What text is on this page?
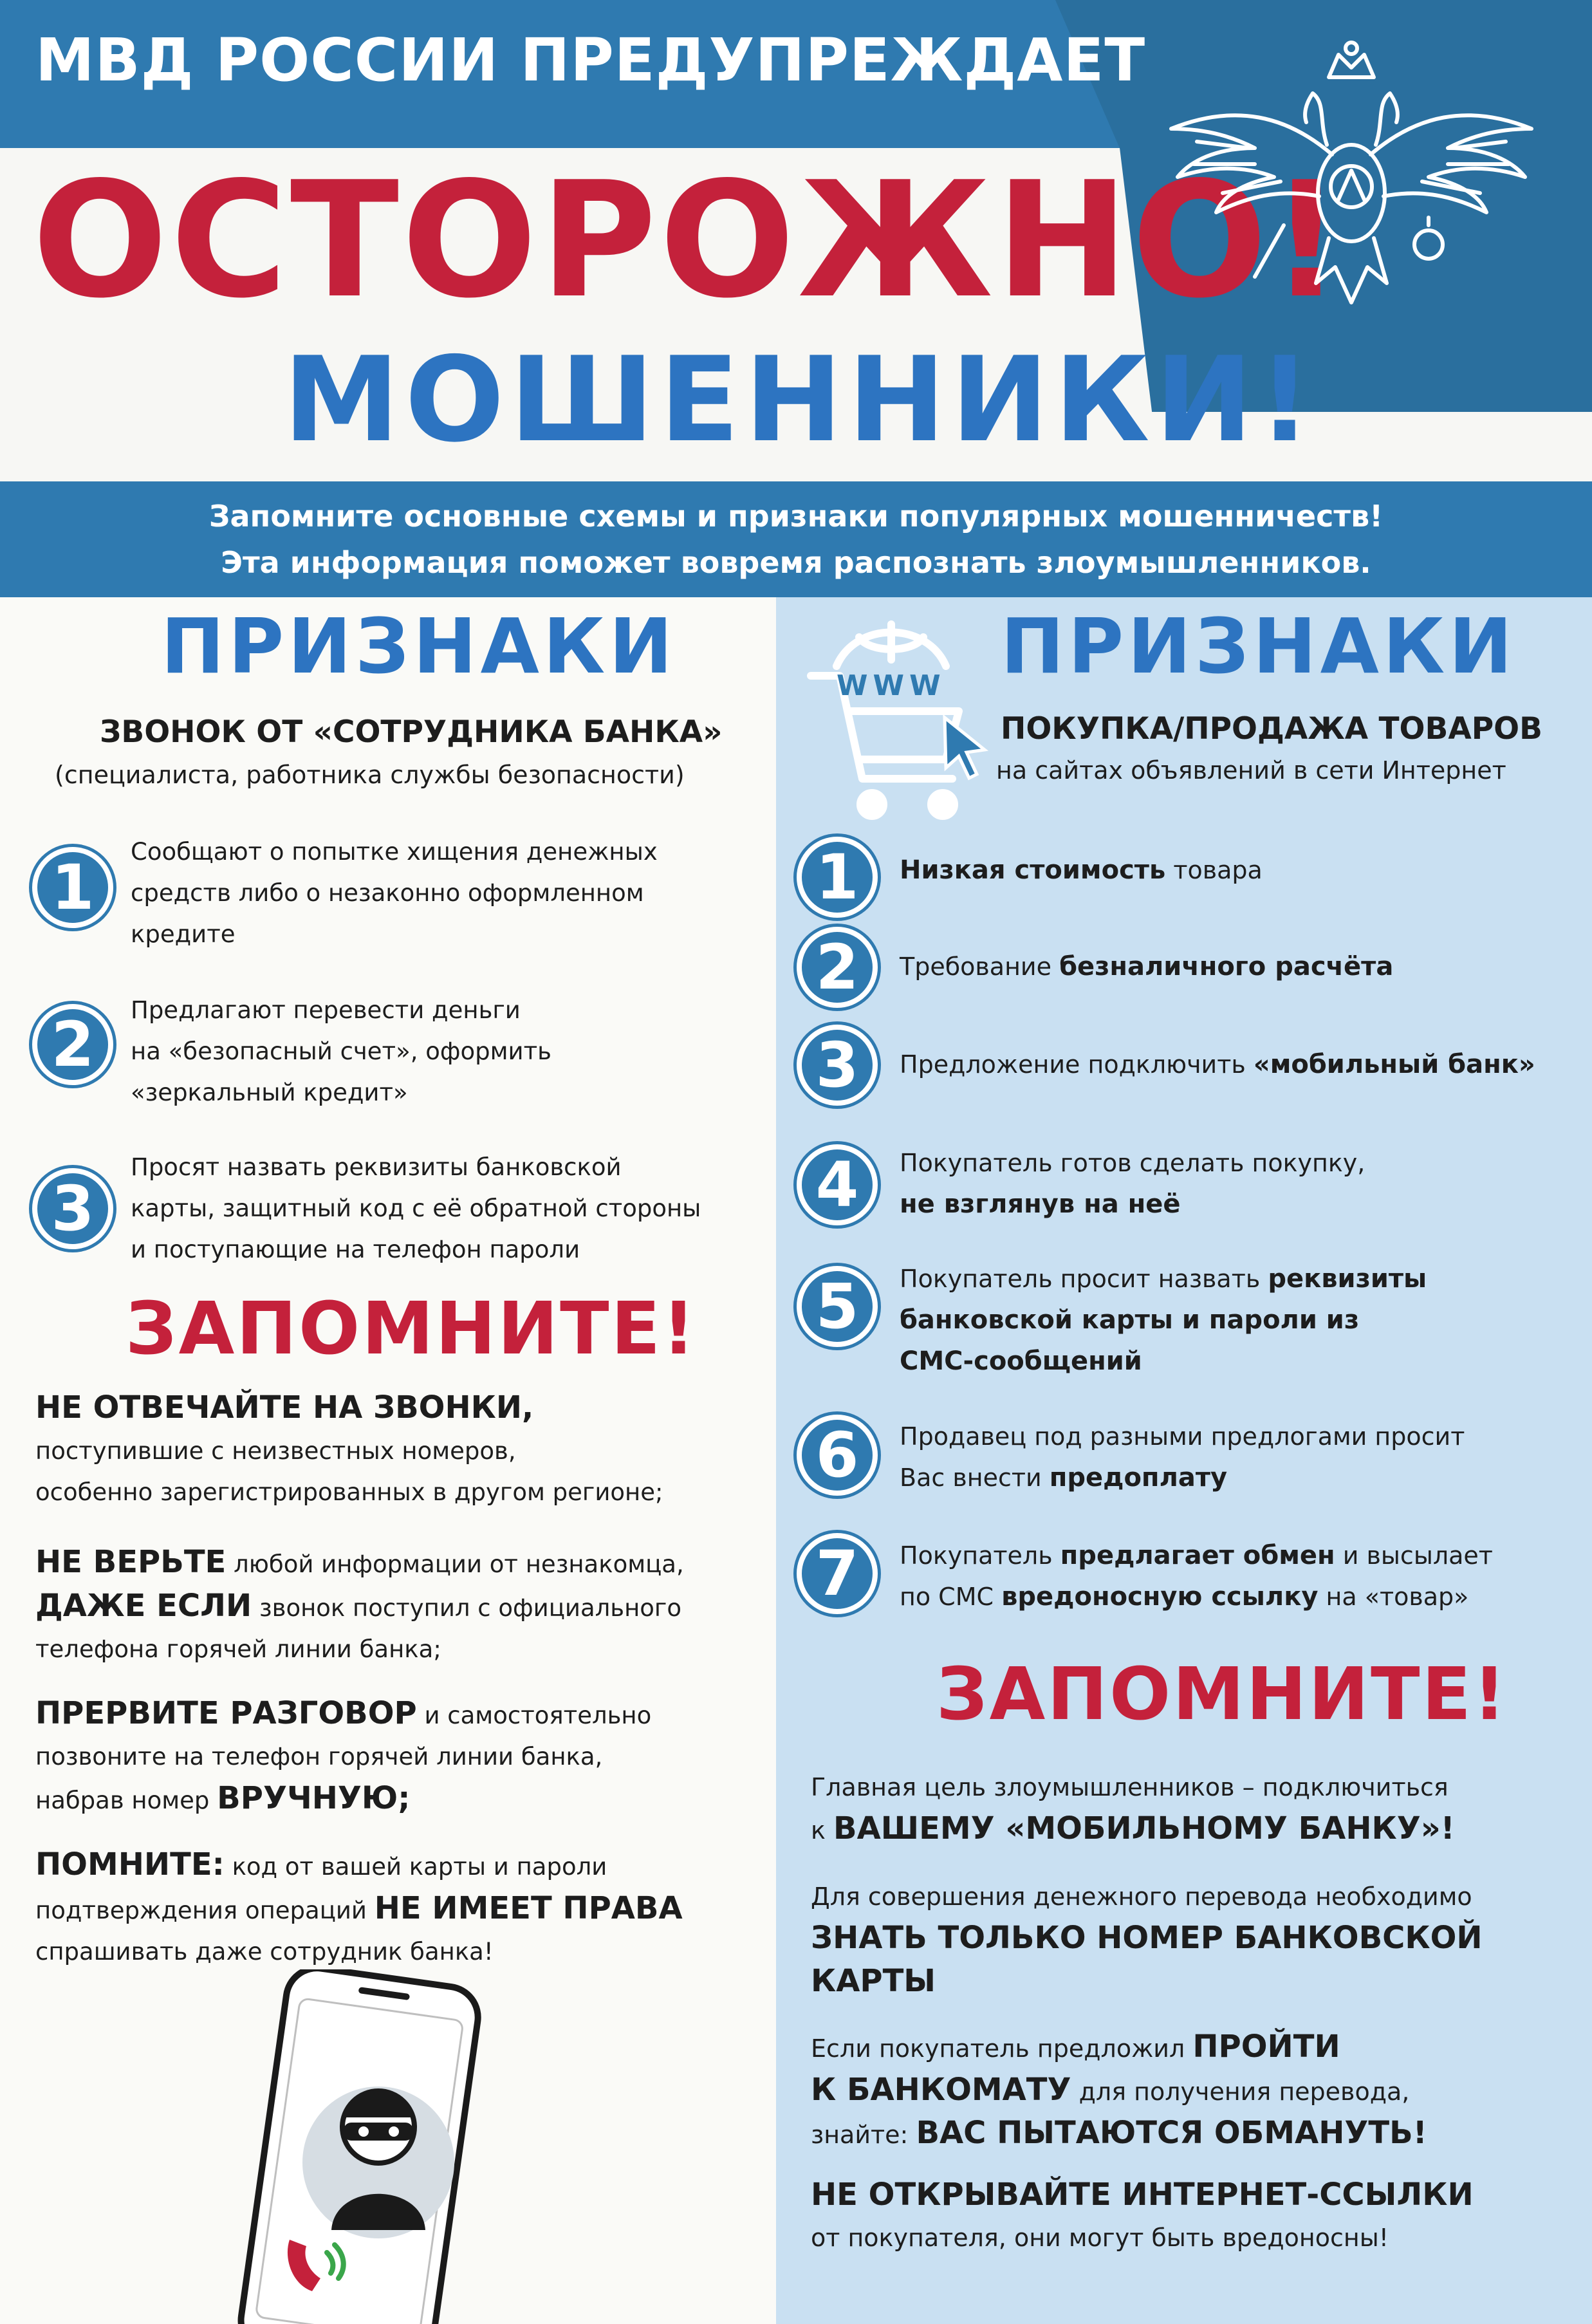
МВД РОССИИ ПРЕДУПРЕЖДАЕТ
ОСТОРОЖНО!
МОШЕННИКИ!
Запомните основные схемы и признаки популярных мошенничеств!
Эта информация поможет вовремя распознать злоумышленников.
ПРИЗНАКИ
ЗВОНОК ОТ «СОТРУДНИКА БАНКА»
(специалиста, работника службы безопасности)
1	Сообщают о попытке хищения денежных
средств либо о незаконно оформленном
кредите
2	Предлагают перевести деньги
на «безопасный счет», оформить
«зеркальный кредит»
3
Просят назвать реквизиты банковской
карты, защитный код с её обратной стороны
и поступающие на телефон пароли
ЗАПОМНИТЕ!
НЕ ОТВЕЧАЙТЕ НА ЗВОНКИ,
поступившие с неизвестных номеров,
особенно зарегистрированных в другом регионе;
НЕ ВЕРЬТЕ любой информации от незнакомца,
ДАЖЕ ЕСЛИ звонок поступил с официального
телефона горячей линии банка;
ПРЕРВИТЕ РАЗГОВОР и самостоятельно
позвоните на телефон горячей линии банка,
набрав номер ВРУЧНУЮ;
ПОМНИТЕ: код от вашей карты и пароли
подтверждения операций НЕ ИМЕЕТ ПРАВА
спрашивать даже сотрудник банка!
WWW ПРИЗНАКИ
ПОКУПКА/ПРОДАЖА ТОВАРОВ
на сайтах объявлений в сети Интернет
1	Низкая стоимость товара
2	Требование безналичного расчёта
3	Предложение подключить «мобильный банк»
4	Покупатель готов сделать покупку,
не взглянув на неё
5	Покупатель просит назвать реквизиты
банковской карты и пароли из
СМС-сообщений
6	Продавец под разными предлогами просит
Вас внести предоплату
7	Покупатель предлагает обмен и высылает
по СМС вредоносную ссылку на «товар»
ЗАПОМНИТЕ!
Главная цель злоумышленников – подключиться
к ВАШЕМУ «МОБИЛЬНОМУ БАНКУ»!
Для совершения денежного перевода необходимо
ЗНАТЬ ТОЛЬКО НОМЕР БАНКОВСКОЙ
КАРТЫ
Если покупатель предложил ПРОЙТИ
К БАНКОМАТУ для получения перевода,
знайте: ВАС ПЫТАЮТСЯ ОБМАНУТЬ!
НЕ ОТКРЫВАЙТЕ ИНТЕРНЕТ-ССЫЛКИ
от покупателя, они могут быть вредоносны!
